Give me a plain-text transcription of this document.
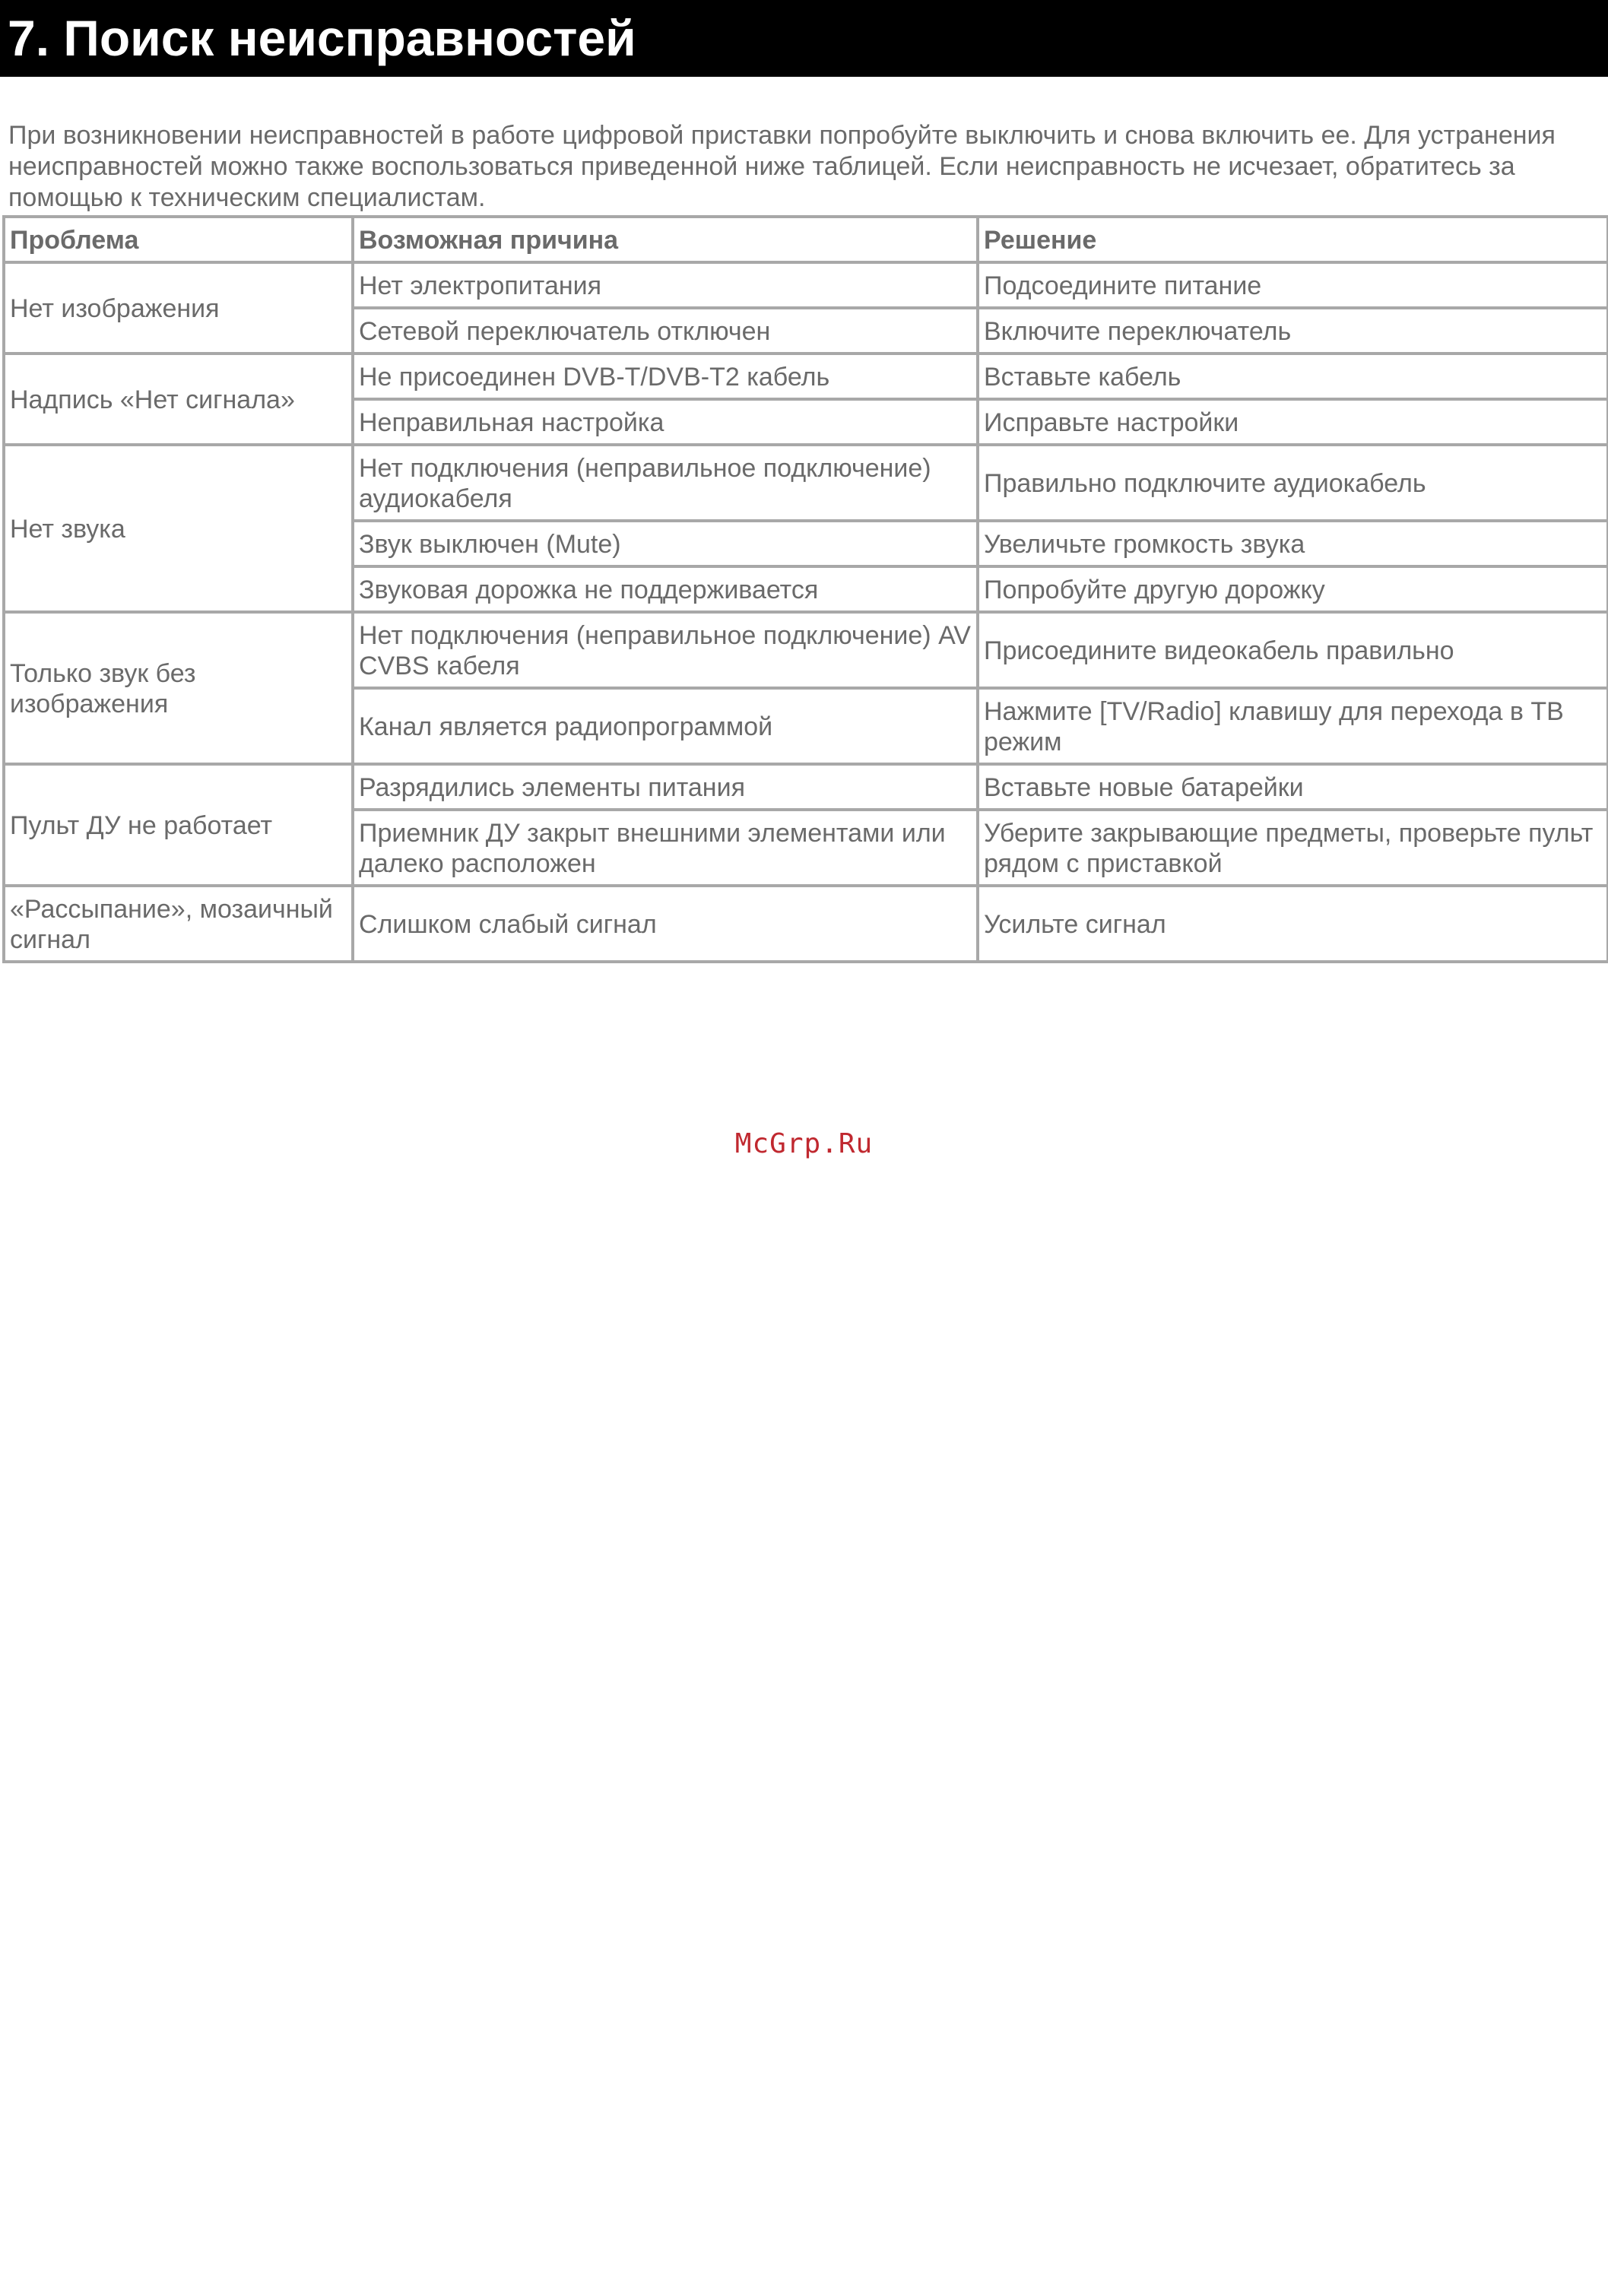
7. Поиск неисправностей

При возникновении неисправностей в работе цифровой приставки попробуйте выключить и снова включить ее. Для устранения неисправностей можно также воспользоваться приведенной ниже таблицей. Если неисправность не исчезает, обратитесь за помощью к техническим специалистам.

Проблема	Возможная причина	Решение
Нет изображения	Нет электропитания	Подсоедините питание
	Сетевой переключатель отключен	Включите переключатель
Надпись «Нет сигнала»	Не присоединен DVB-T/DVB-T2 кабель	Вставьте кабель
	Неправильная настройка	Исправьте настройки
Нет звука	Нет подключения (неправильное подключение) аудиокабеля	Правильно подключите аудиокабель
	Звук выключен (Mute)	Увеличьте громкость звука
	Звуковая дорожка не поддерживается	Попробуйте другую дорожку
Только звук без изображения	Нет подключения (неправильное подключение) AV CVBS кабеля	Присоедините видеокабель правильно
	Канал является радиопрограммой	Нажмите [TV/Radio] клавишу для перехода в ТВ режим
Пульт ДУ не работает	Разрядились элементы питания	Вставьте новые батарейки
	Приемник ДУ закрыт внешними элементами или далеко расположен	Уберите закрывающие предметы, проверьте пульт рядом с приставкой
«Рассыпание», мозаичный сигнал	Слишком слабый сигнал	Усильте сигнал
McGrp.Ru
